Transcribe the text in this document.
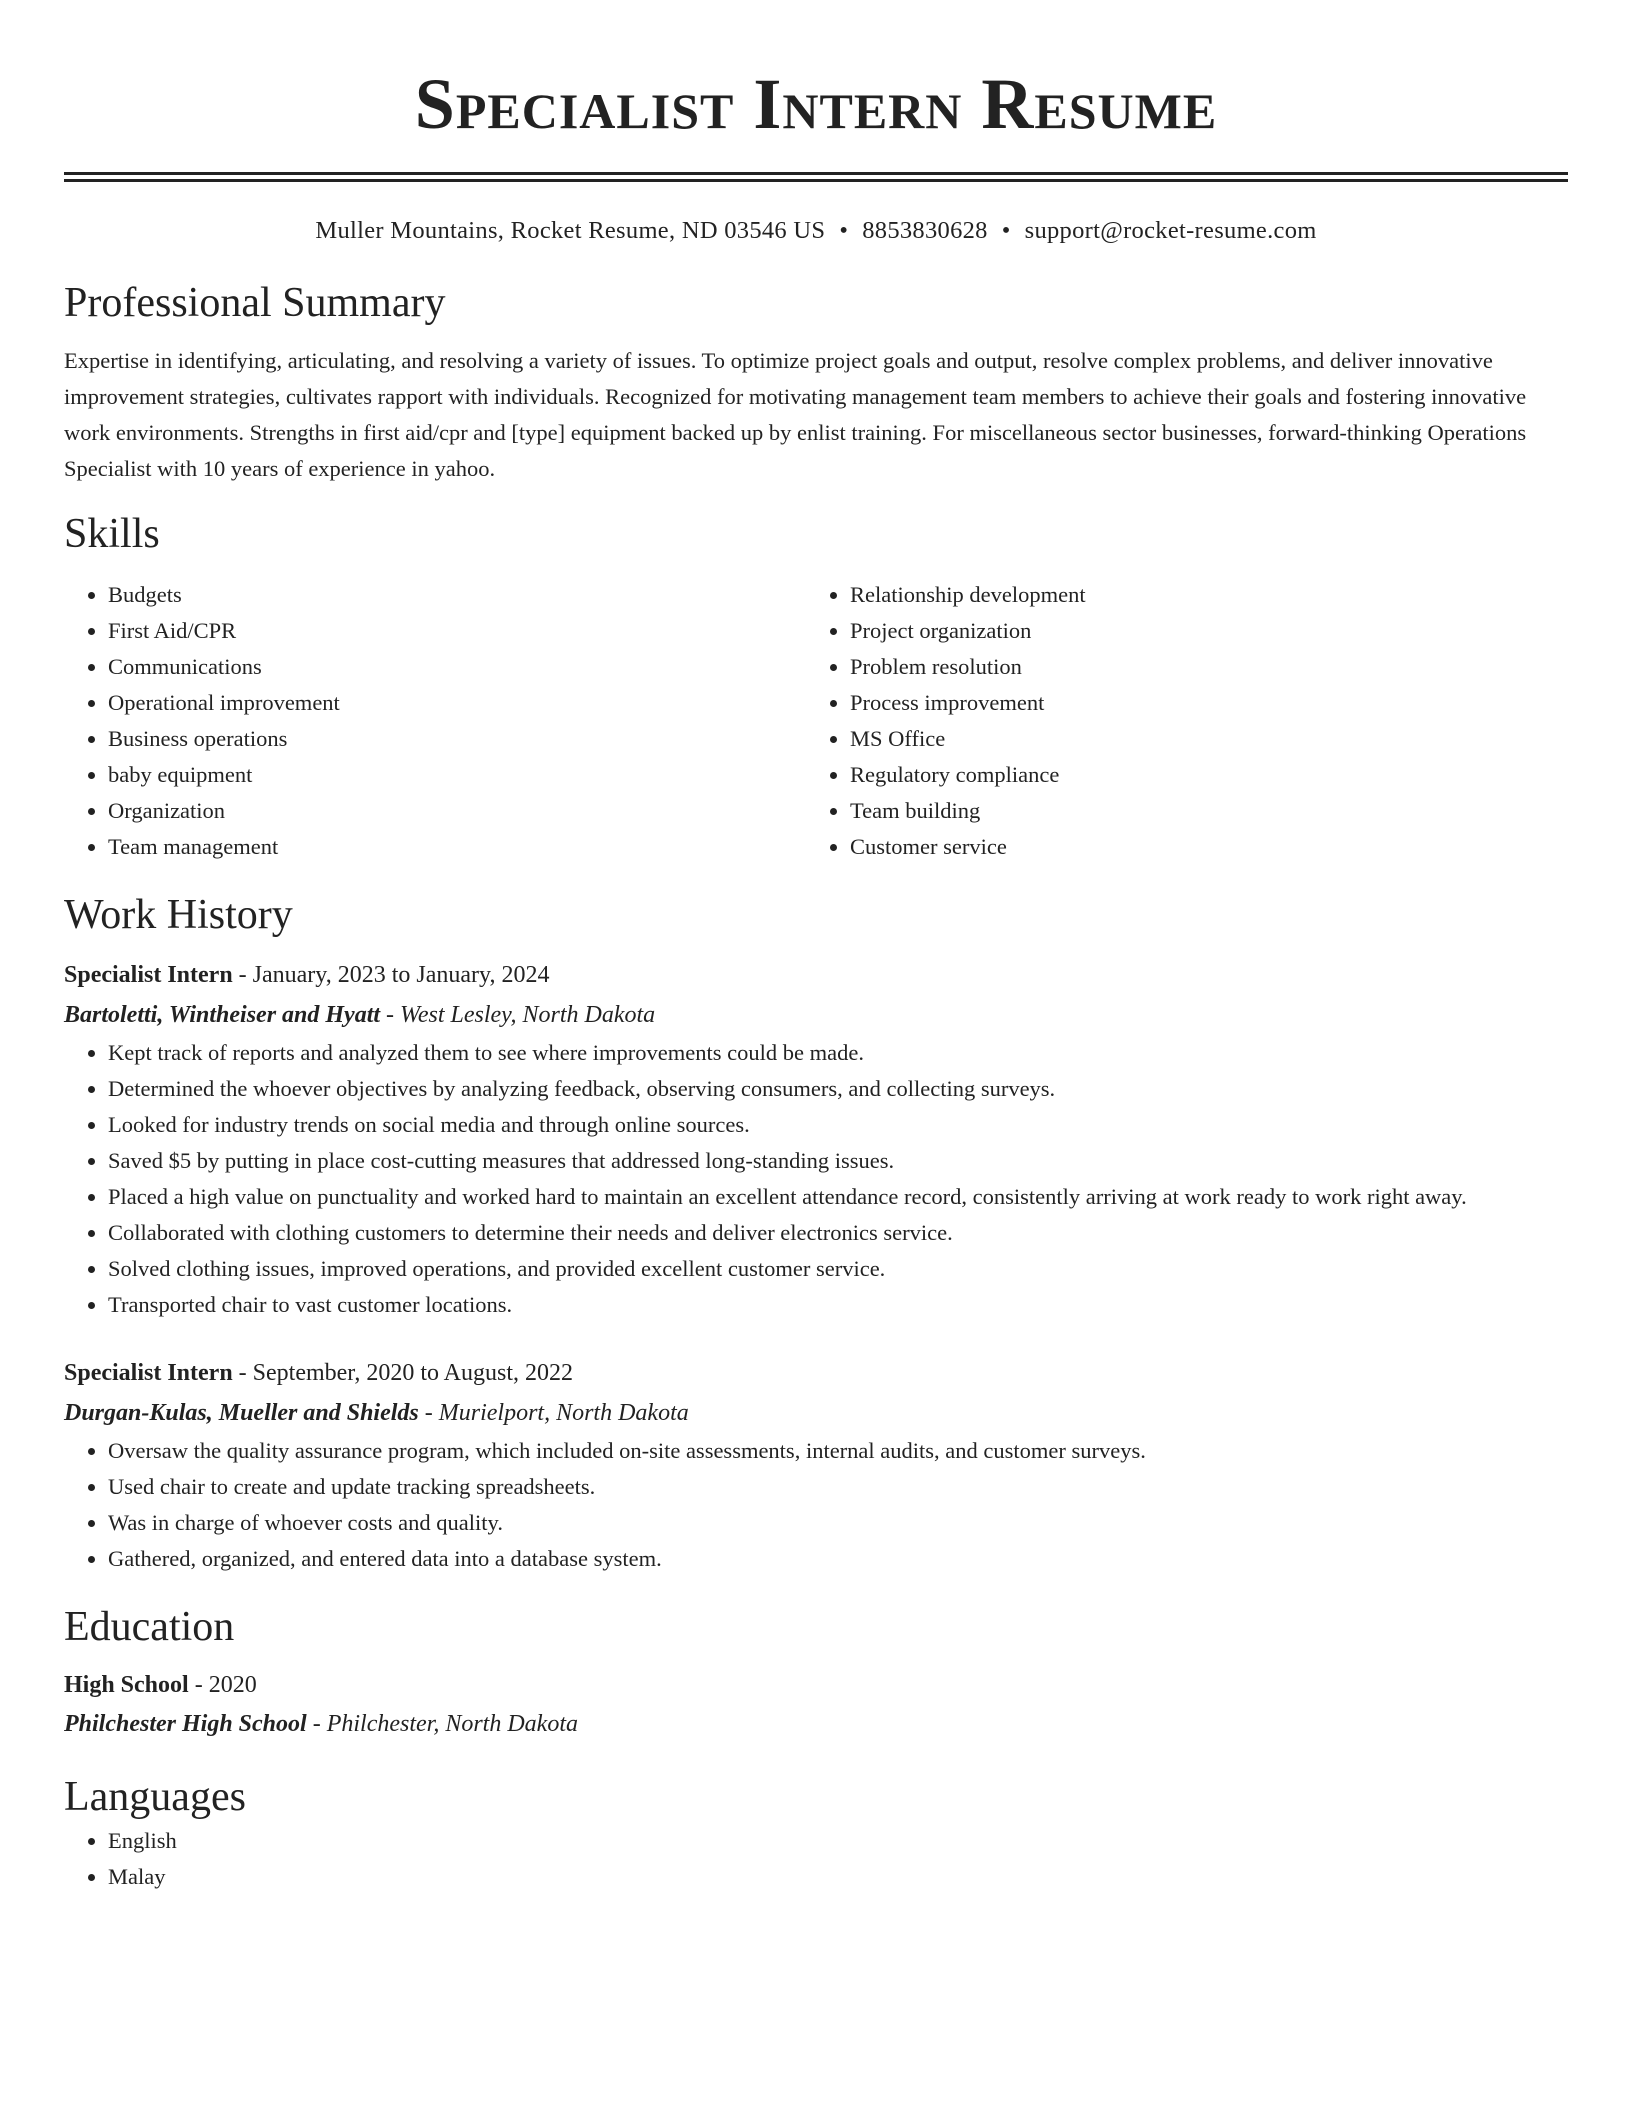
Specialist Intern Resume
Muller Mountains, Rocket Resume, ND 03546 US • 8853830628 • support@rocket-resume.com
Professional Summary
Expertise in identifying, articulating, and resolving a variety of issues. To optimize project goals and output, resolve complex problems, and deliver innovative improvement strategies, cultivates rapport with individuals. Recognized for motivating management team members to achieve their goals and fostering innovative work environments. Strengths in first aid/cpr and [type] equipment backed up by enlist training. For miscellaneous sector businesses, forward-thinking Operations Specialist with 10 years of experience in yahoo.
Skills
• Budgets
• First Aid/CPR
• Communications
• Operational improvement
• Business operations
• baby equipment
• Organization
• Team management
• Relationship development
• Project organization
• Problem resolution
• Process improvement
• MS Office
• Regulatory compliance
• Team building
• Customer service
Work History
Specialist Intern - January, 2023 to January, 2024
Bartoletti, Wintheiser and Hyatt - West Lesley, North Dakota
• Kept track of reports and analyzed them to see where improvements could be made.
• Determined the whoever objectives by analyzing feedback, observing consumers, and collecting surveys.
• Looked for industry trends on social media and through online sources.
• Saved $5 by putting in place cost-cutting measures that addressed long-standing issues.
• Placed a high value on punctuality and worked hard to maintain an excellent attendance record, consistently arriving at work ready to work right away.
• Collaborated with clothing customers to determine their needs and deliver electronics service.
• Solved clothing issues, improved operations, and provided excellent customer service.
• Transported chair to vast customer locations.
Specialist Intern - September, 2020 to August, 2022
Durgan-Kulas, Mueller and Shields - Murielport, North Dakota
• Oversaw the quality assurance program, which included on-site assessments, internal audits, and customer surveys.
• Used chair to create and update tracking spreadsheets.
• Was in charge of whoever costs and quality.
• Gathered, organized, and entered data into a database system.
Education
High School - 2020
Philchester High School - Philchester, North Dakota
Languages
• English
• Malay
